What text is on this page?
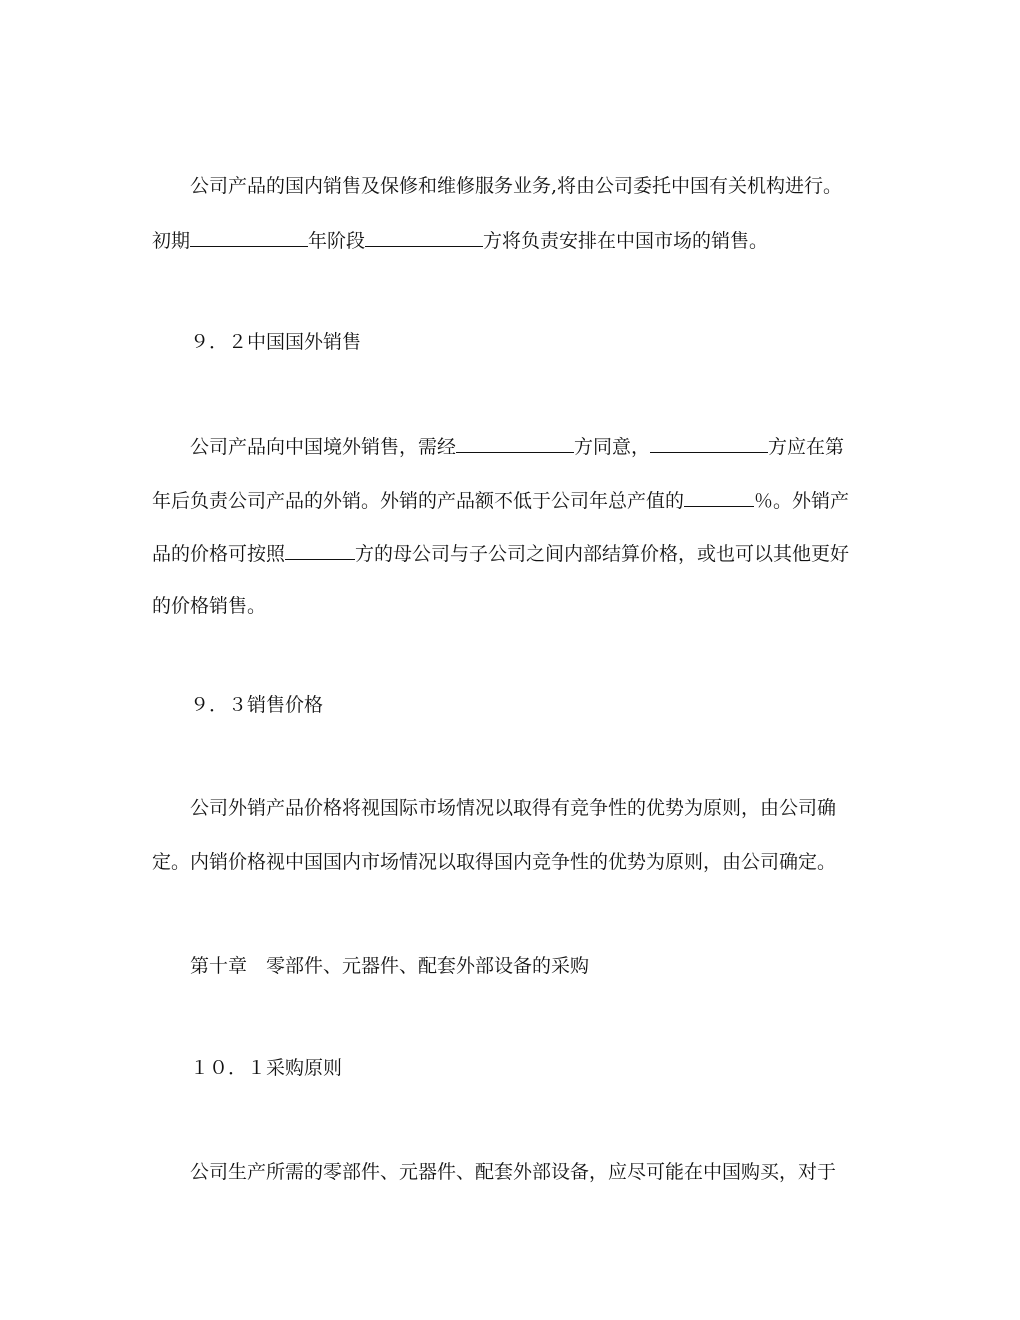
公司产品的国内销售及保修和维修服务业务,将由公司委托中国有关机构进行。
初期	年阶段	方将负责安排在中国市场的销售。
９．２中国国外销售
公司产品向中国境外销售，需经	方同意，	方应在第
年后负责公司产品的外销。外销的产品额不低于公司年总产值的	％。外销产
品的价格可按照	方的母公司与子公司之间内部结算价格，或也可以其他更好
的价格销售。
９．３销售价格
公司外销产品价格将视国际市场情况以取得有竞争性的优势为原则，由公司确
定。内销价格视中国国内市场情况以取得国内竞争性的优势为原则，由公司确定。
第十章　零部件、元器件、配套外部设备的采购
１０．１采购原则
公司生产所需的零部件、元器件、配套外部设备，应尽可能在中国购买，对于
